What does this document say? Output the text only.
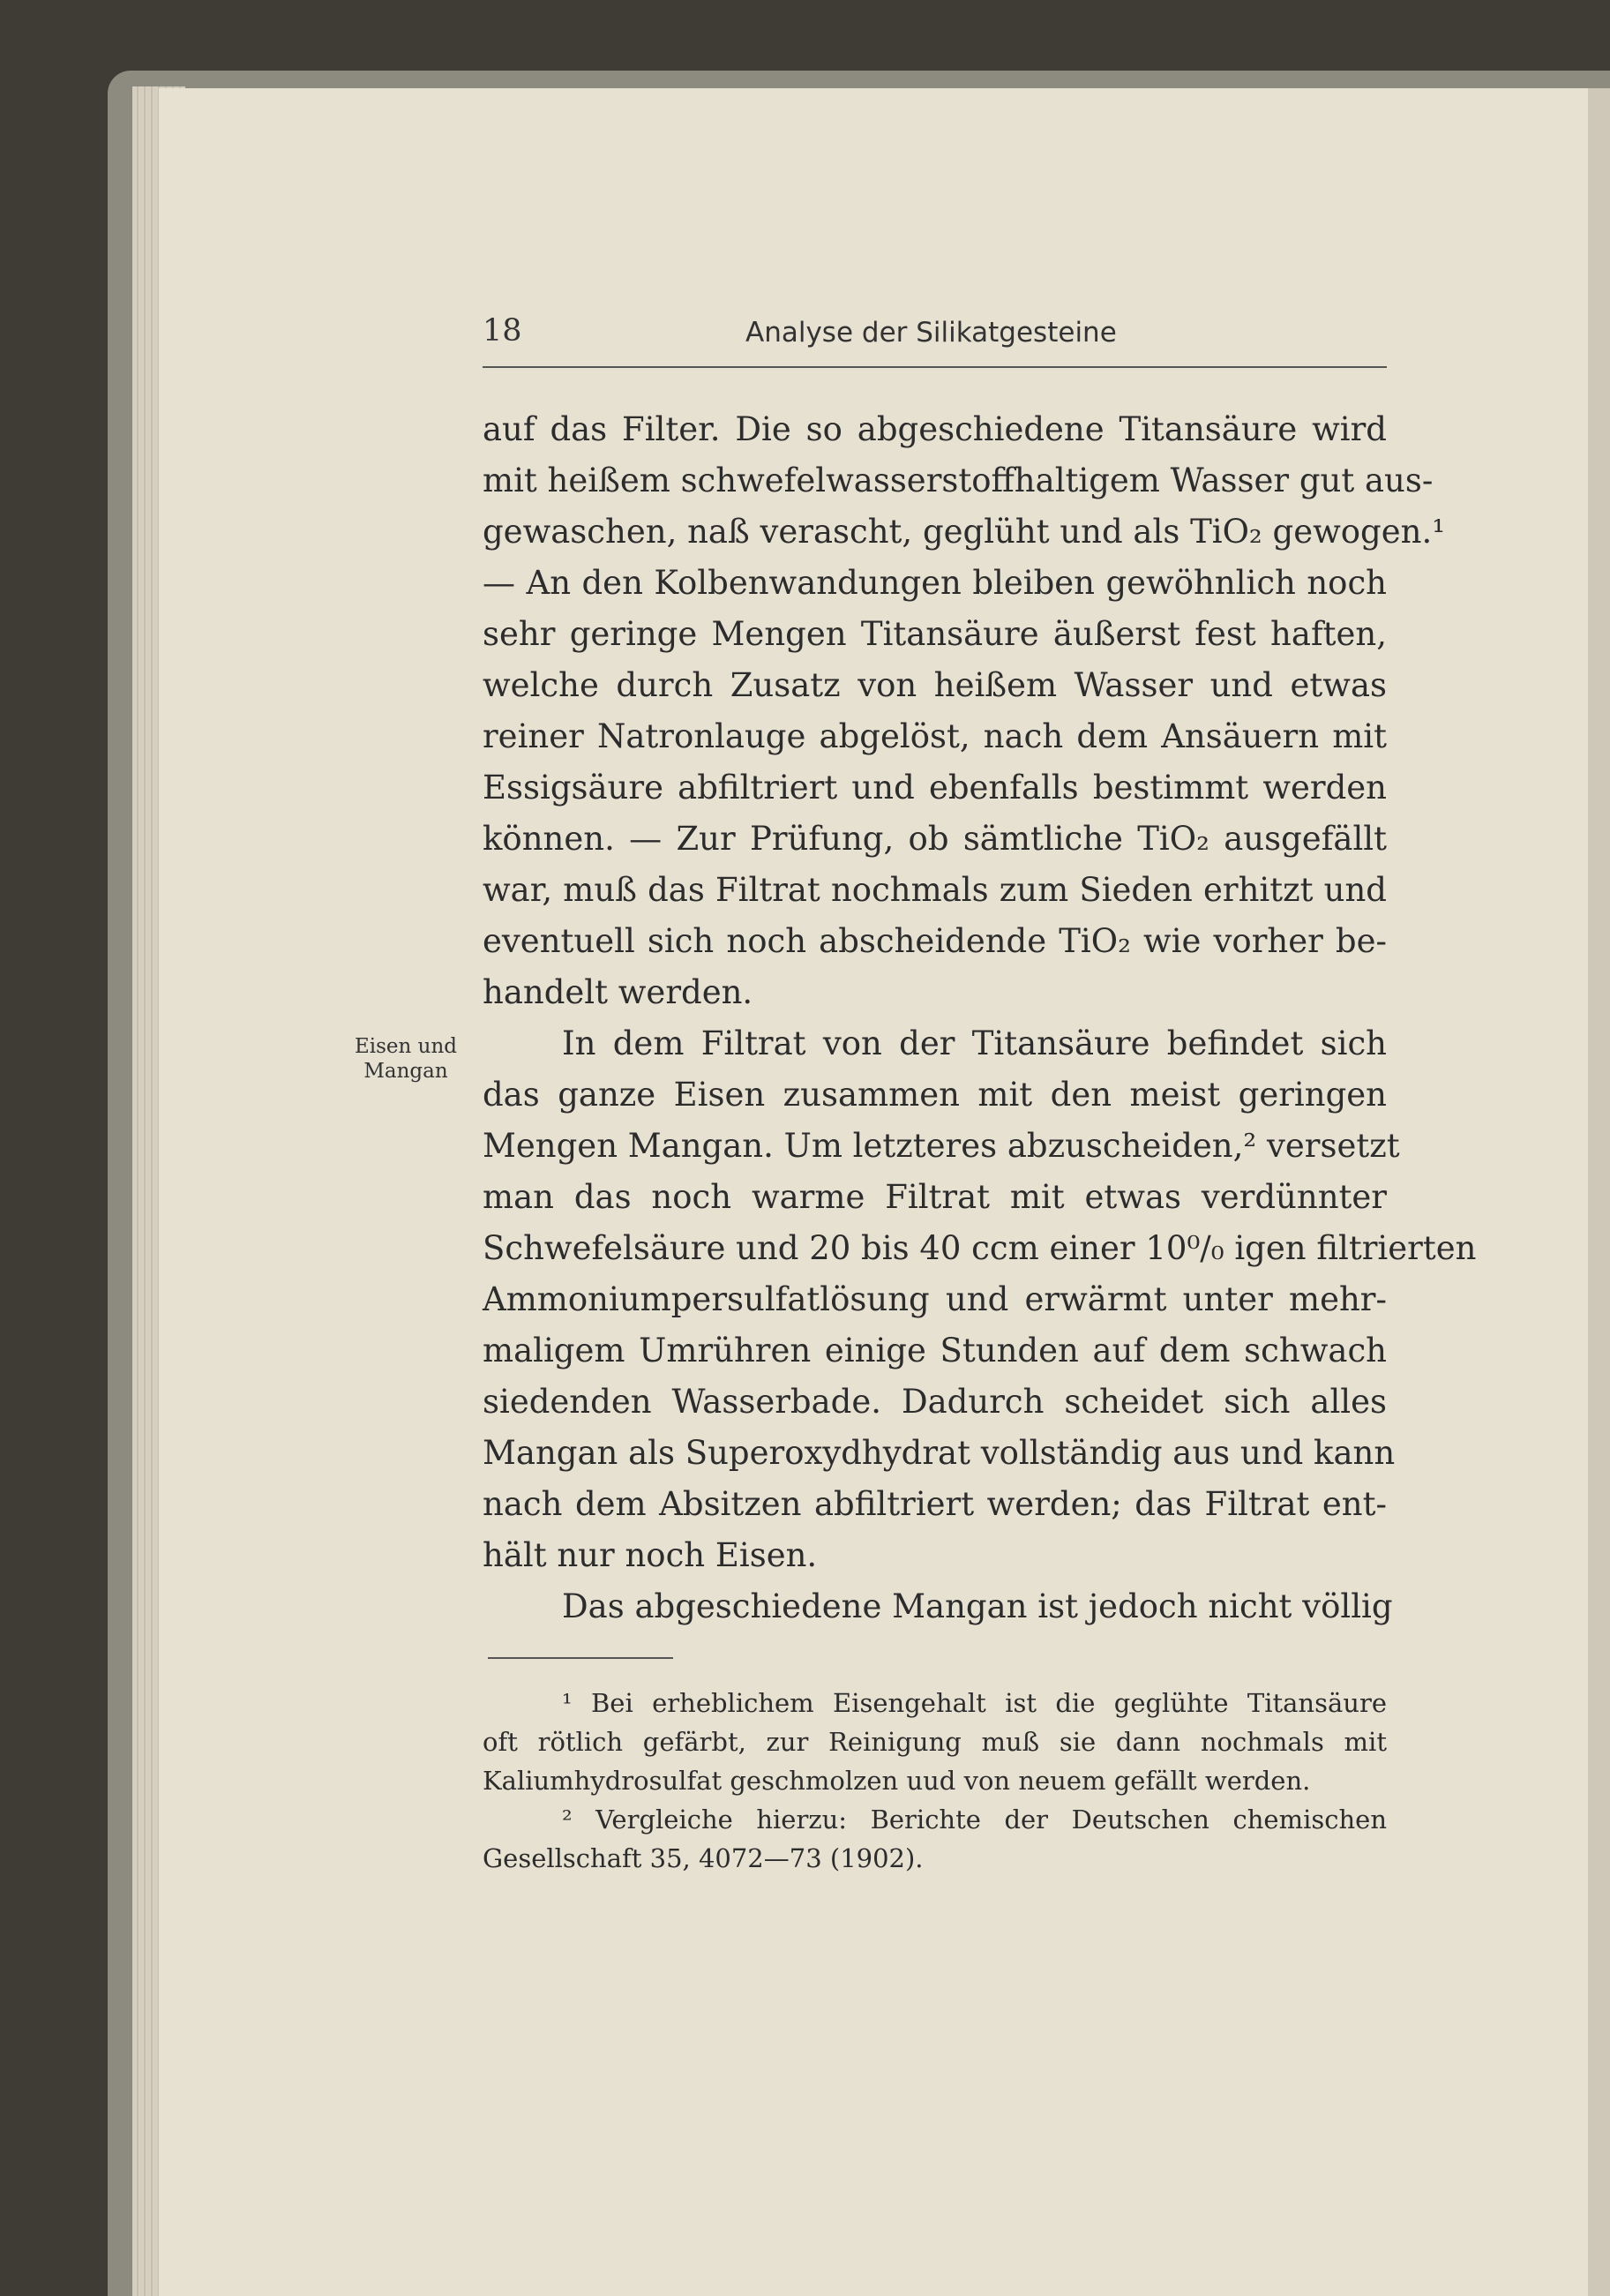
18	Analyse der Silikatgesteine
Eisen und
Mangan
auf das Filter. Die so abgeschiedene Titansäure wird
mit heißem schwefelwasserstoffhaltigem Wasser gut aus-
gewaschen, naß verascht, geglüht und als TiO₂ gewogen.¹
— An den Kolbenwandungen bleiben gewöhnlich noch
sehr geringe Mengen Titansäure äußerst fest haften,
welche durch Zusatz von heißem Wasser und etwas
reiner Natronlauge abgelöst, nach dem Ansäuern mit
Essigsäure abfiltriert und ebenfalls bestimmt werden
können. — Zur Prüfung, ob sämtliche TiO₂ ausgefällt
war, muß das Filtrat nochmals zum Sieden erhitzt und
eventuell sich noch abscheidende TiO₂ wie vorher be-
handelt werden.
In dem Filtrat von der Titansäure befindet sich
das ganze Eisen zusammen mit den meist geringen
Mengen Mangan. Um letzteres abzuscheiden,² versetzt
man das noch warme Filtrat mit etwas verdünnter
Schwefelsäure und 20 bis 40 ccm einer 10⁰/₀ igen filtrierten
Ammoniumpersulfatlösung und erwärmt unter mehr-
maligem Umrühren einige Stunden auf dem schwach
siedenden Wasserbade. Dadurch scheidet sich alles
Mangan als Superoxydhydrat vollständig aus und kann
nach dem Absitzen abfiltriert werden; das Filtrat ent-
hält nur noch Eisen.
Das abgeschiedene Mangan ist jedoch nicht völlig
¹ Bei erheblichem Eisengehalt ist die geglühte Titansäure
oft rötlich gefärbt, zur Reinigung muß sie dann nochmals mit
Kaliumhydrosulfat geschmolzen uud von neuem gefällt werden.
² Vergleiche hierzu: Berichte der Deutschen chemischen
Gesellschaft 35, 4072—73 (1902).
